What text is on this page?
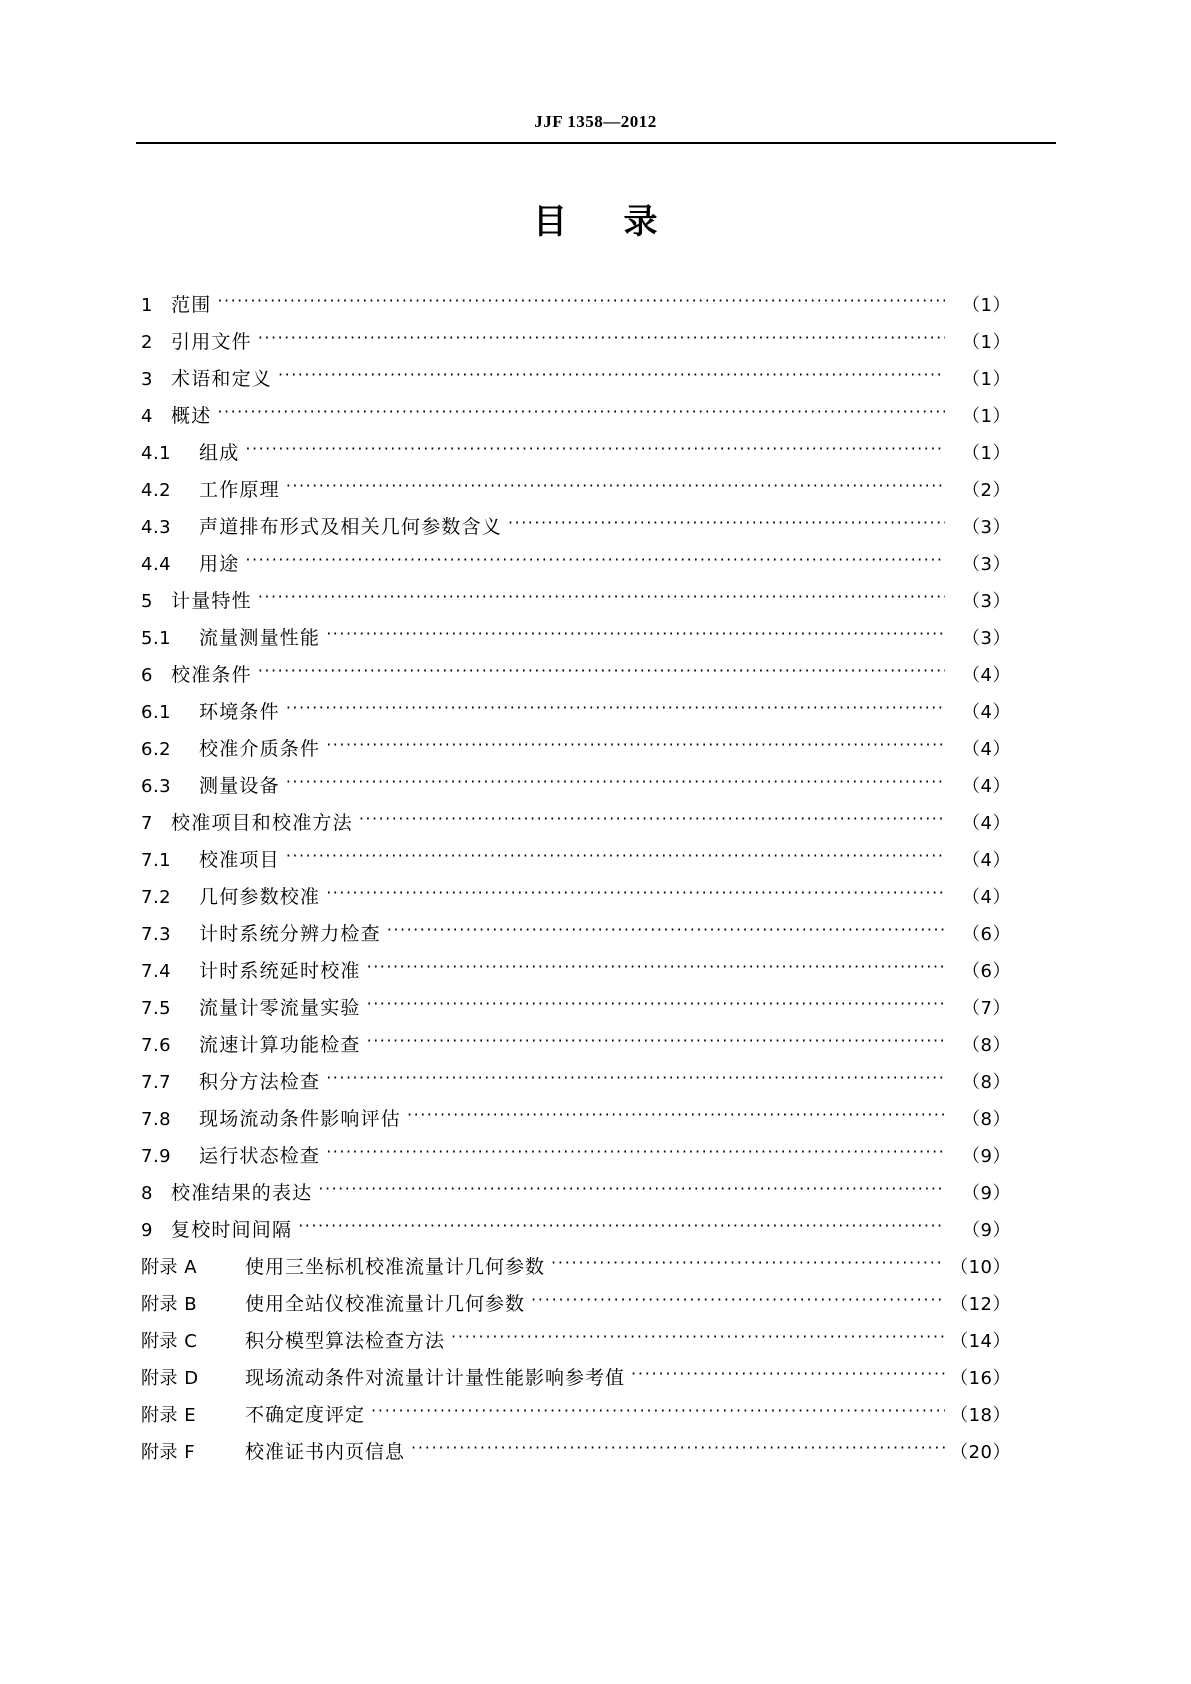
JJF 1358—2012
目 录
1 范围 ·····	（1）
2 引用文件 ·····	（1）
3 术语和定义 ·····	（1）
4 概述 ·····	（1）
4.1	组成 ·····	（1）
4.2	工作原理 ·····	（2）
4.3	声道排布形式及相关几何参数含义 ·····	（3）
4.4	用途 ·····	（3）
5 计量特性 ·····	（3）
5.1	流量测量性能 ·····	（3）
6 校准条件 ·····	（4）
6.1	环境条件 ·····	（4）
6.2	校准介质条件 ·····	（4）
6.3	测量设备 ·····	（4）
7 校准项目和校准方法 ·····	（4）
7.1	校准项目 ·····	（4）
7.2	几何参数校准 ·····	（4）
7.3	计时系统分辨力检查 ·····	（6）
7.4	计时系统延时校准 ·····	（6）
7.5	流量计零流量实验 ·····	（7）
7.6	流速计算功能检查 ·····	（8）
7.7	积分方法检查 ·····	（8）
7.8	现场流动条件影响评估 ·····	（8）
7.9	运行状态检查 ·····	（9）
8 校准结果的表达 ·····	（9）
9 复校时间间隔 ·····	（9）
附录 A	使用三坐标机校准流量计几何参数 ·····	（10）
附录 B	使用全站仪校准流量计几何参数 ·····	（12）
附录 C	积分模型算法检查方法 ·····	（14）
附录 D	现场流动条件对流量计计量性能影响参考值 ·····	（16）
附录 E	不确定度评定 ·····	（18）
附录 F	校准证书内页信息 ·····	（20）
